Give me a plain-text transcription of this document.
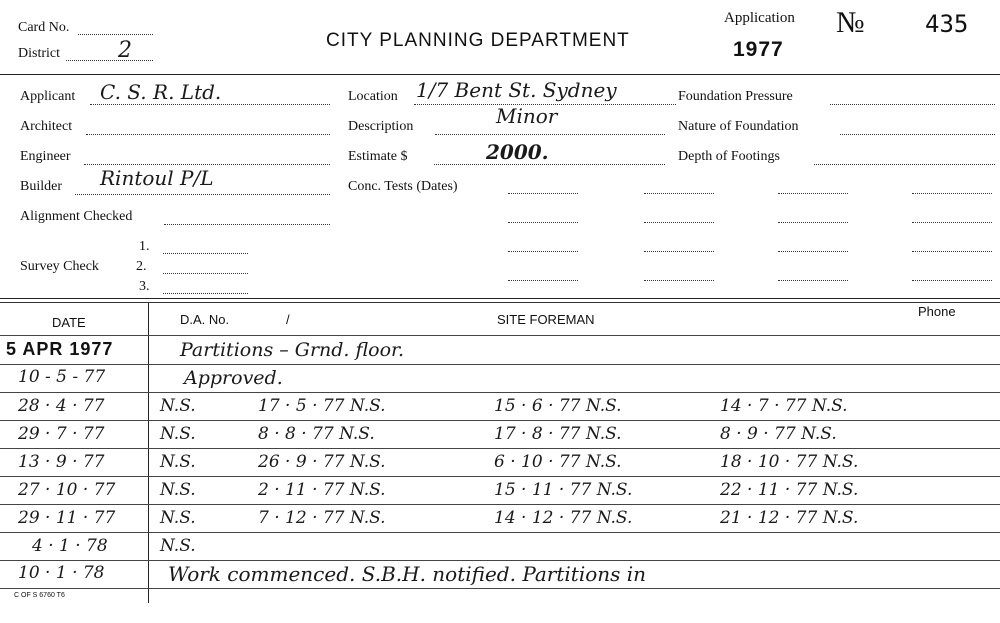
Card No.
District	2	CITY PLANNING DEPARTMENT
Application №	435
1977
Applicant C. S. R. Ltd.
Architect
Engineer
Builder Rintoul P/L
Alignment Checked
Survey Check
1.
2.
3.
Location 1/7 Bent St. Sydney
Description	Minor
Estimate $	2000.
Conc. Tests (Dates)
Foundation Pressure
Nature of Foundation
Depth of Footings
DATE	D.A. No.	/	SITE FOREMAN
Phone
5 APR 1977	Partitions – Grnd. floor.
10 - 5 - 77	Approved.
28 · 4 · 77	N.S.	17 · 5 · 77 N.S.	15 · 6 · 77 N.S.	14 · 7 · 77 N.S.
29 · 7 · 77	N.S.	8 · 8 · 77 N.S.	17 · 8 · 77 N.S.	8 · 9 · 77 N.S.
13 · 9 · 77	N.S.	26 · 9 · 77 N.S.	6 · 10 · 77 N.S.	18 · 10 · 77 N.S.
27 · 10 · 77	N.S.	2 · 11 · 77 N.S.	15 · 11 · 77 N.S.	22 · 11 · 77 N.S.
29 · 11 · 77	N.S.	7 · 12 · 77 N.S.	14 · 12 · 77 N.S.	21 · 12 · 77 N.S.
4 · 1 · 78	N.S.
10 · 1 · 78	Work commenced. S.B.H. notified. Partitions in
C OF S 6760 T6
